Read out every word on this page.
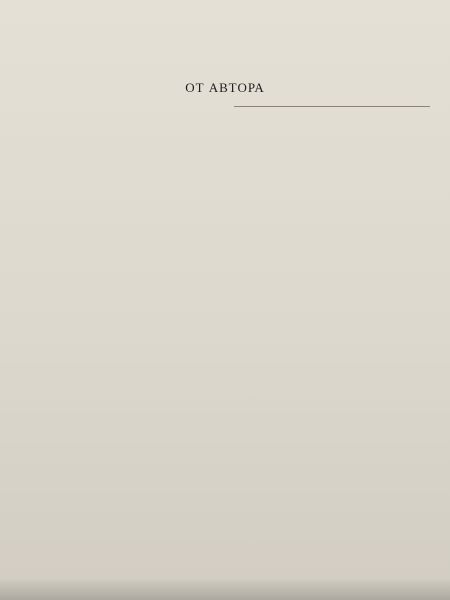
ОТ АВТОРА
